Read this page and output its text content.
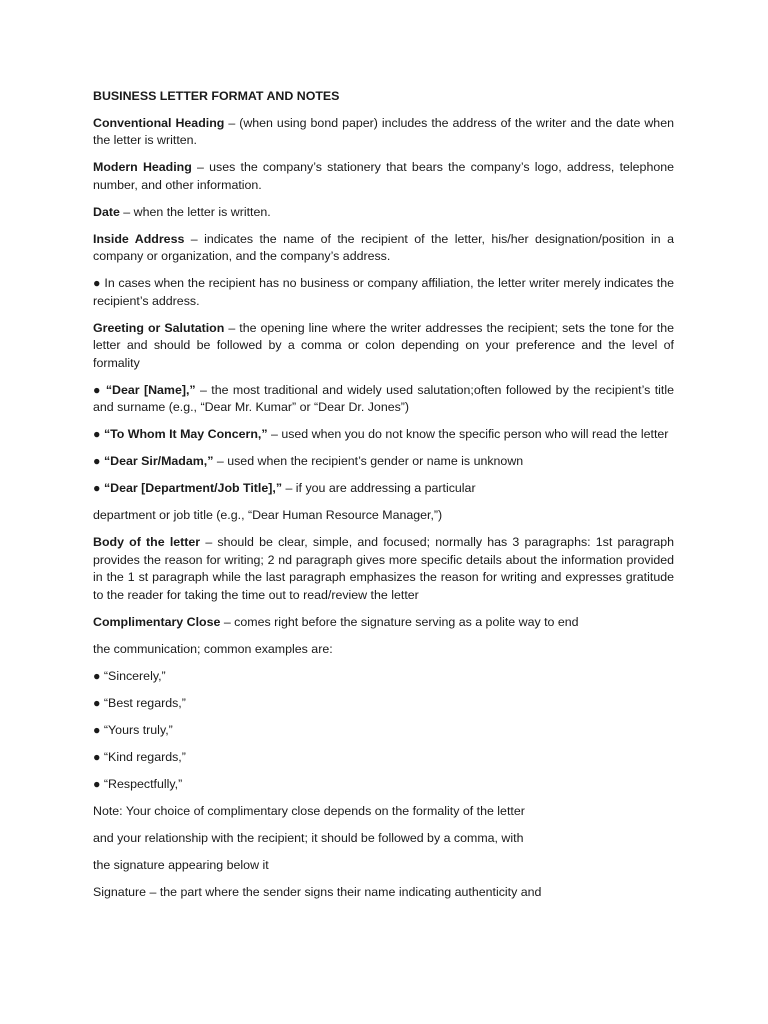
BUSINESS LETTER FORMAT AND NOTES
Conventional Heading – (when using bond paper) includes the address of the writer and the date when the letter is written.
Modern Heading – uses the company’s stationery that bears the company’s logo, address, telephone number, and other information.
Date – when the letter is written.
Inside Address – indicates the name of the recipient of the letter, his/her designation/position in a company or organization, and the company’s address.
● In cases when the recipient has no business or company affiliation, the letter writer merely indicates the recipient’s address.
Greeting or Salutation – the opening line where the writer addresses the recipient; sets the tone for the letter and should be followed by a comma or colon depending on your preference and the level of formality
● “Dear [Name],” – the most traditional and widely used salutation;often followed by the recipient’s title and surname (e.g., “Dear Mr. Kumar” or “Dear Dr. Jones”)
● “To Whom It May Concern,” – used when you do not know the specific person who will read the letter
● “Dear Sir/Madam,” – used when the recipient’s gender or name is unknown
● “Dear [Department/Job Title],” – if you are addressing a particular
department or job title (e.g., “Dear Human Resource Manager,”)
Body of the letter – should be clear, simple, and focused; normally has 3 paragraphs: 1st paragraph provides the reason for writing; 2 nd paragraph gives more specific details about the information provided in the 1 st paragraph while the last paragraph emphasizes the reason for writing and expresses gratitude to the reader for taking the time out to read/review the letter
Complimentary Close – comes right before the signature serving as a polite way to end
the communication; common examples are:
● “Sincerely,”
● “Best regards,”
● “Yours truly,”
● “Kind regards,”
● “Respectfully,”
Note: Your choice of complimentary close depends on the formality of the letter
and your relationship with the recipient; it should be followed by a comma, with
the signature appearing below it
Signature – the part where the sender signs their name indicating authenticity and
